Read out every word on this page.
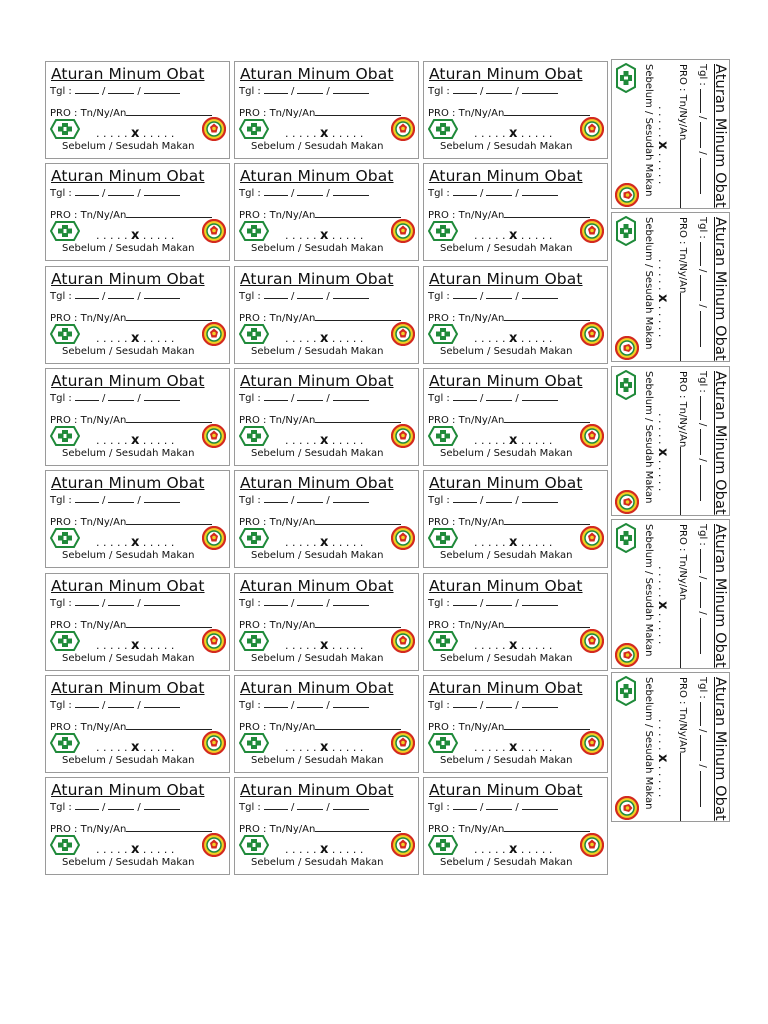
Aturan Minum Obat
Tgl :	/	/
PRO : Tn/Ny/An
. . . . . x . . . . .
Sebelum / Sesudah Makan
Aturan Minum Obat
Tgl :	/	/
PRO : Tn/Ny/An
. . . . . x . . . . .
Sebelum / Sesudah Makan
Aturan Minum Obat
Tgl :	/	/
PRO : Tn/Ny/An
. . . . . x . . . . .
Sebelum / Sesudah Makan
Aturan Minum Obat
Tgl :	/	/
PRO : Tn/Ny/An
. . . . . x . . . . .
Sebelum / Sesudah Makan
Aturan Minum Obat
Tgl :	/	/
PRO : Tn/Ny/An
. . . . . x . . . . .
Sebelum / Sesudah Makan
Aturan Minum Obat
Tgl :	/	/
PRO : Tn/Ny/An
. . . . . x . . . . .
Sebelum / Sesudah Makan
Aturan Minum Obat
Tgl :	/	/
PRO : Tn/Ny/An
. . . . . x . . . . .
Sebelum / Sesudah Makan
Aturan Minum Obat
Tgl :	/	/
PRO : Tn/Ny/An
. . . . . x . . . . .
Sebelum / Sesudah Makan
Aturan Minum Obat
Tgl :	/	/
PRO : Tn/Ny/An
. . . . . x . . . . .
Sebelum / Sesudah Makan
Aturan Minum Obat
Tgl :	/	/
PRO : Tn/Ny/An
. . . . . x . . . . .
Sebelum / Sesudah Makan
Aturan Minum Obat
Tgl :	/	/
PRO : Tn/Ny/An
. . . . . x . . . . .
Sebelum / Sesudah Makan
Aturan Minum Obat
Tgl :	/	/
PRO : Tn/Ny/An
. . . . . x . . . . .
Sebelum / Sesudah Makan
Aturan Minum Obat
Tgl :	/	/
PRO : Tn/Ny/An
. . . . . x . . . . .
Sebelum / Sesudah Makan
Aturan Minum Obat
Tgl :	/	/
PRO : Tn/Ny/An
. . . . . x . . . . .
Sebelum / Sesudah Makan
Aturan Minum Obat
Tgl :	/	/
PRO : Tn/Ny/An
. . . . . x . . . . .
Sebelum / Sesudah Makan
Aturan Minum Obat
Tgl :	/	/
PRO : Tn/Ny/An
. . . . . x . . . . .
Sebelum / Sesudah Makan
Aturan Minum Obat
Tgl :	/	/
PRO : Tn/Ny/An
. . . . . x . . . . .
Sebelum / Sesudah Makan
Aturan Minum Obat
Tgl :	/	/
PRO : Tn/Ny/An
. . . . . x . . . . .
Sebelum / Sesudah Makan
Aturan Minum Obat
Tgl :	/	/
PRO : Tn/Ny/An
. . . . . x . . . . .
Sebelum / Sesudah Makan
Aturan Minum Obat
Tgl :	/	/
PRO : Tn/Ny/An
. . . . . x . . . . .
Sebelum / Sesudah Makan
Aturan Minum Obat
Tgl :	/	/
PRO : Tn/Ny/An
. . . . . x . . . . .
Sebelum / Sesudah Makan
Aturan Minum Obat
Tgl :	/	/
PRO : Tn/Ny/An
. . . . . x . . . . .
Sebelum / Sesudah Makan
Aturan Minum Obat
Tgl :	/	/
PRO : Tn/Ny/An
. . . . . x . . . . .
Sebelum / Sesudah Makan
Aturan Minum Obat
Tgl :	/	/
PRO : Tn/Ny/An
. . . . . x . . . . .
Sebelum / Sesudah Makan
Aturan Minum Obat
Tgl : //
PRO : Tn/Ny/An
. . . . . x . . . . .
Sebelum / Sesudah Makan
Aturan Minum Obat
Tgl : //
PRO : Tn/Ny/An
. . . . . x . . . . .
Sebelum / Sesudah Makan
Aturan Minum Obat
Tgl : //
PRO : Tn/Ny/An
. . . . . x . . . . .
Sebelum / Sesudah Makan
Aturan Minum Obat
Tgl : //
PRO : Tn/Ny/An
. . . . . x . . . . .
Sebelum / Sesudah Makan
Aturan Minum Obat
Tgl : //
PRO : Tn/Ny/An
. . . . . x . . . . .
Sebelum / Sesudah Makan
